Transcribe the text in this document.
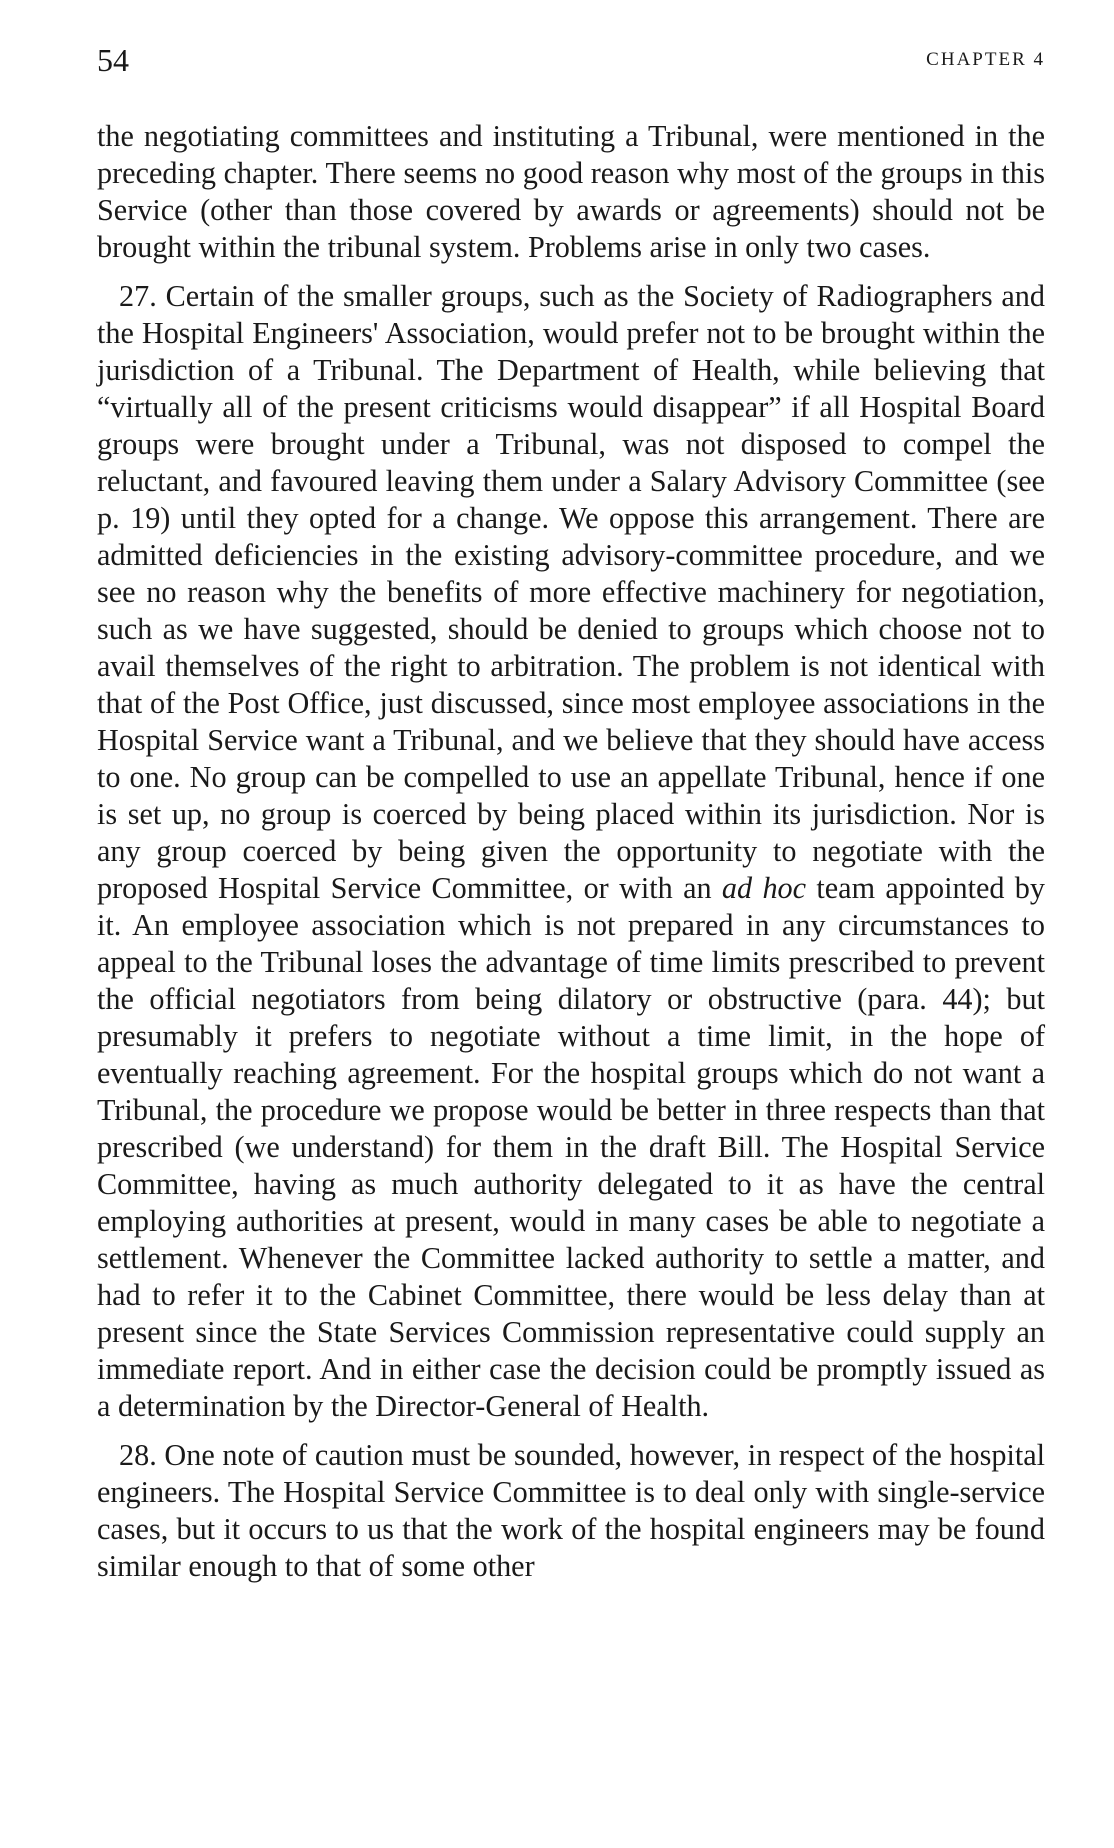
54	CHAPTER 4

the negotiating committees and instituting a Tribunal, were mentioned in the preceding chapter. There seems no good reason why most of the groups in this Service (other than those covered by awards or agreements) should not be brought within the tribunal system. Problems arise in only two cases.

27. Certain of the smaller groups, such as the Society of Radiographers and the Hospital Engineers' Association, would prefer not to be brought within the jurisdiction of a Tribunal. The Department of Health, while believing that “virtually all of the present criticisms would disappear” if all Hospital Board groups were brought under a Tribunal, was not disposed to compel the reluctant, and favoured leaving them under a Salary Advisory Committee (see p. 19) until they opted for a change. We oppose this arrangement. There are admitted deficiencies in the existing advisory-committee procedure, and we see no reason why the benefits of more effective machinery for negotiation, such as we have suggested, should be denied to groups which choose not to avail themselves of the right to arbitration. The problem is not identical with that of the Post Office, just discussed, since most employee associations in the Hospital Service want a Tribunal, and we believe that they should have access to one. No group can be compelled to use an appellate Tribunal, hence if one is set up, no group is coerced by being placed within its jurisdiction. Nor is any group coerced by being given the opportunity to negotiate with the proposed Hospital Service Committee, or with an ad hoc team appointed by it. An employee association which is not prepared in any circumstances to appeal to the Tribunal loses the advantage of time limits prescribed to prevent the official negotiators from being dilatory or obstructive (para. 44); but presumably it prefers to negotiate without a time limit, in the hope of eventually reaching agreement. For the hospital groups which do not want a Tribunal, the procedure we propose would be better in three respects than that prescribed (we understand) for them in the draft Bill. The Hospital Service Committee, having as much authority delegated to it as have the central employing authorities at present, would in many cases be able to negotiate a settlement. Whenever the Committee lacked authority to settle a matter, and had to refer it to the Cabinet Committee, there would be less delay than at present since the State Services Commission representative could supply an immediate report. And in either case the decision could be promptly issued as a determination by the Director-General of Health.

28. One note of caution must be sounded, however, in respect of the hospital engineers. The Hospital Service Committee is to deal only with single-service cases, but it occurs to us that the work of the hospital engineers may be found similar enough to that of some other
